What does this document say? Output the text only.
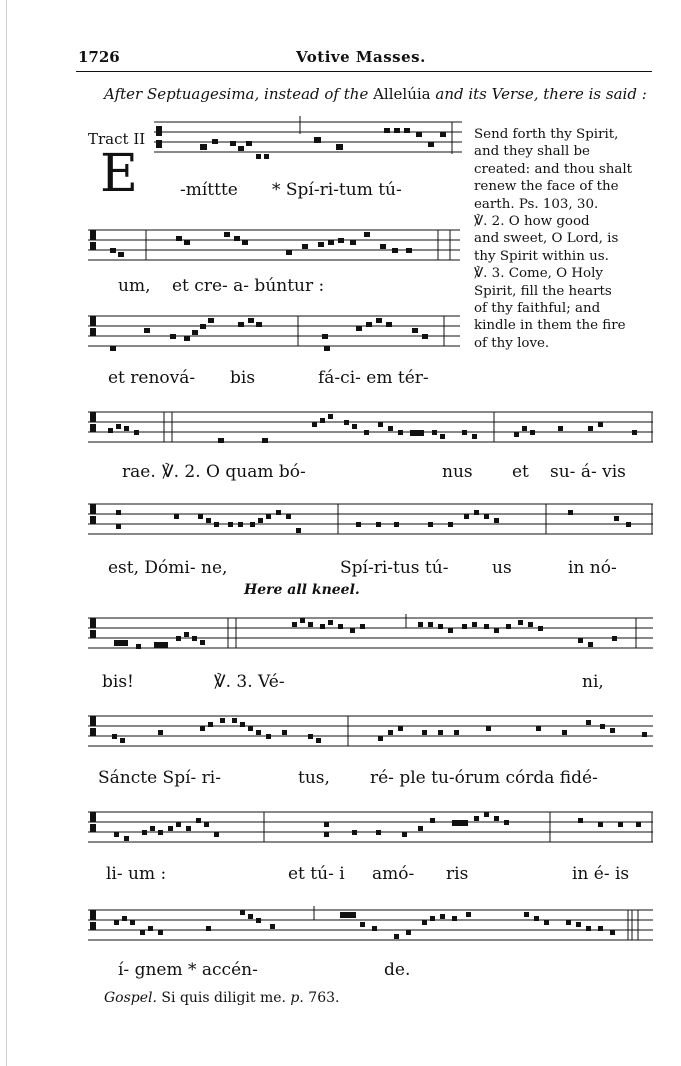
1726	Votive Masses.
After Septuagesima, instead of the Allelúia and its Verse, there is said :
Tract II
E -míttte * Spí-ri-tum tú-
um, et cre- a- búntur :
et renová- bis	fá-ci- em tér-

Send forth thy Spirit,

and they shall be

created: and thou shalt

renew the face of the

earth. Ps. 103, 30.

℣. 2. O how good

and sweet, O Lord, is

thy Spirit within us.

℣. 3. Come, O Holy

Spirit, fill the hearts

of thy faithful; and

kindle in them the fire

of thy love.

rae. ℣. 2. O quam bó-	nus et su- á- vis
est, Dómi- ne,	Spí-ri-tus tú-	us	in nó-
Here all kneel.
bis!	℣. 3. Vé-	ni,
Sáncte Spí- ri-	tus, ré- ple tu-órum córda fidé-
li- um :	et tú- i amó- ris	in é- is
í- gnem * accén-	de.
Gospel. Si quis diligit me. p. 763.
